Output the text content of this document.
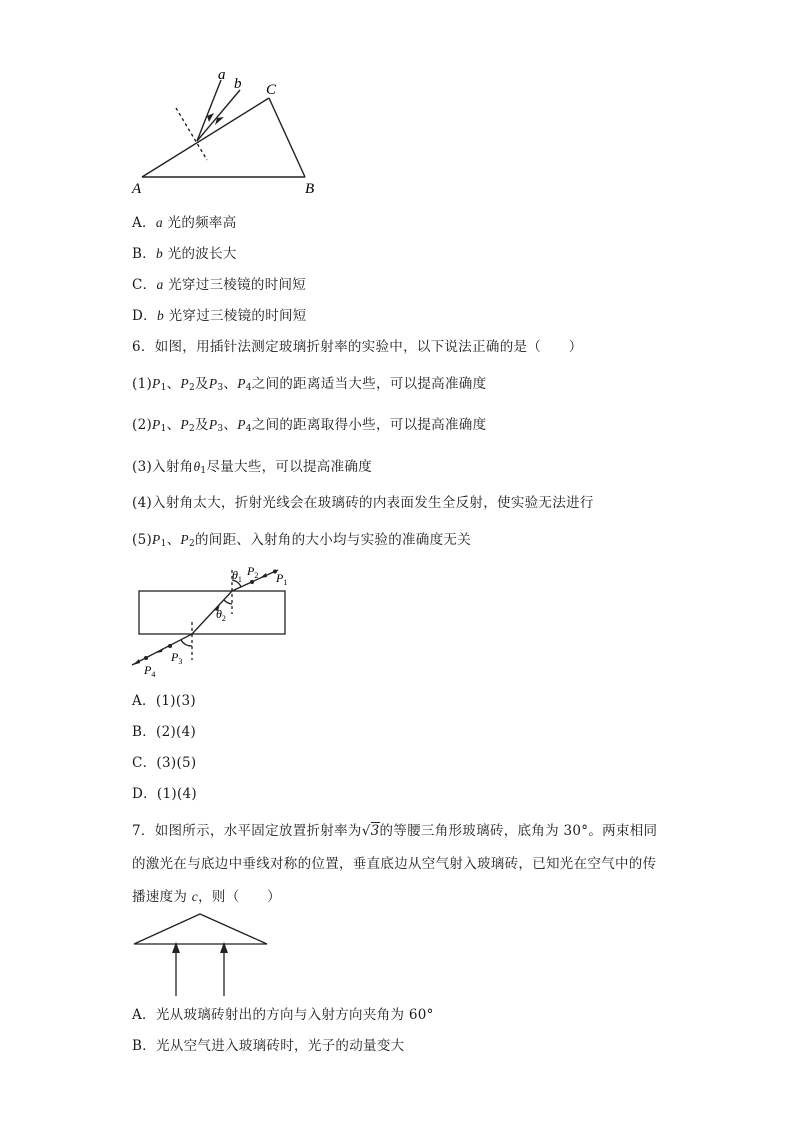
a
b C
A	B
A．a 光的频率高
B．b 光的波长大
C．a 光穿过三棱镜的时间短
D．b 光穿过三棱镜的时间短
6．如图，用插针法测定玻璃折射率的实验中，以下说法正确的是（　　）
$(1)P_1$、$P_2$及$P_3$、$P_4$之间的距离适当大些，可以提高准确度
$(2)P_1$、$P_2$及$P_3$、$P_4$之间的距离取得小些，可以提高准确度
(3)入射角$\theta_1$尽量大些，可以提高准确度
(4)入射角太大，折射光线会在玻璃砖的内表面发生全反射，使实验无法进行
$(5)P_1$、$P_2$的间距、入射角的大小均与实验的准确度无关
$\theta_1$
$P_2$ $P_1$
$\theta_2$
$P_3$
$P_4$
A．(1)(3)
B．(2)(4)
C．(3)(5)
D．(1)(4)
7．如图所示，水平固定放置折射率为√3的等腰三角形玻璃砖，底角为 30°。两束相同
的激光在与底边中垂线对称的位置，垂直底边从空气射入玻璃砖，已知光在空气中的传
播速度为 c，则（　　）
A．光从玻璃砖射出的方向与入射方向夹角为 60°
B．光从空气进入玻璃砖时，光子的动量变大
